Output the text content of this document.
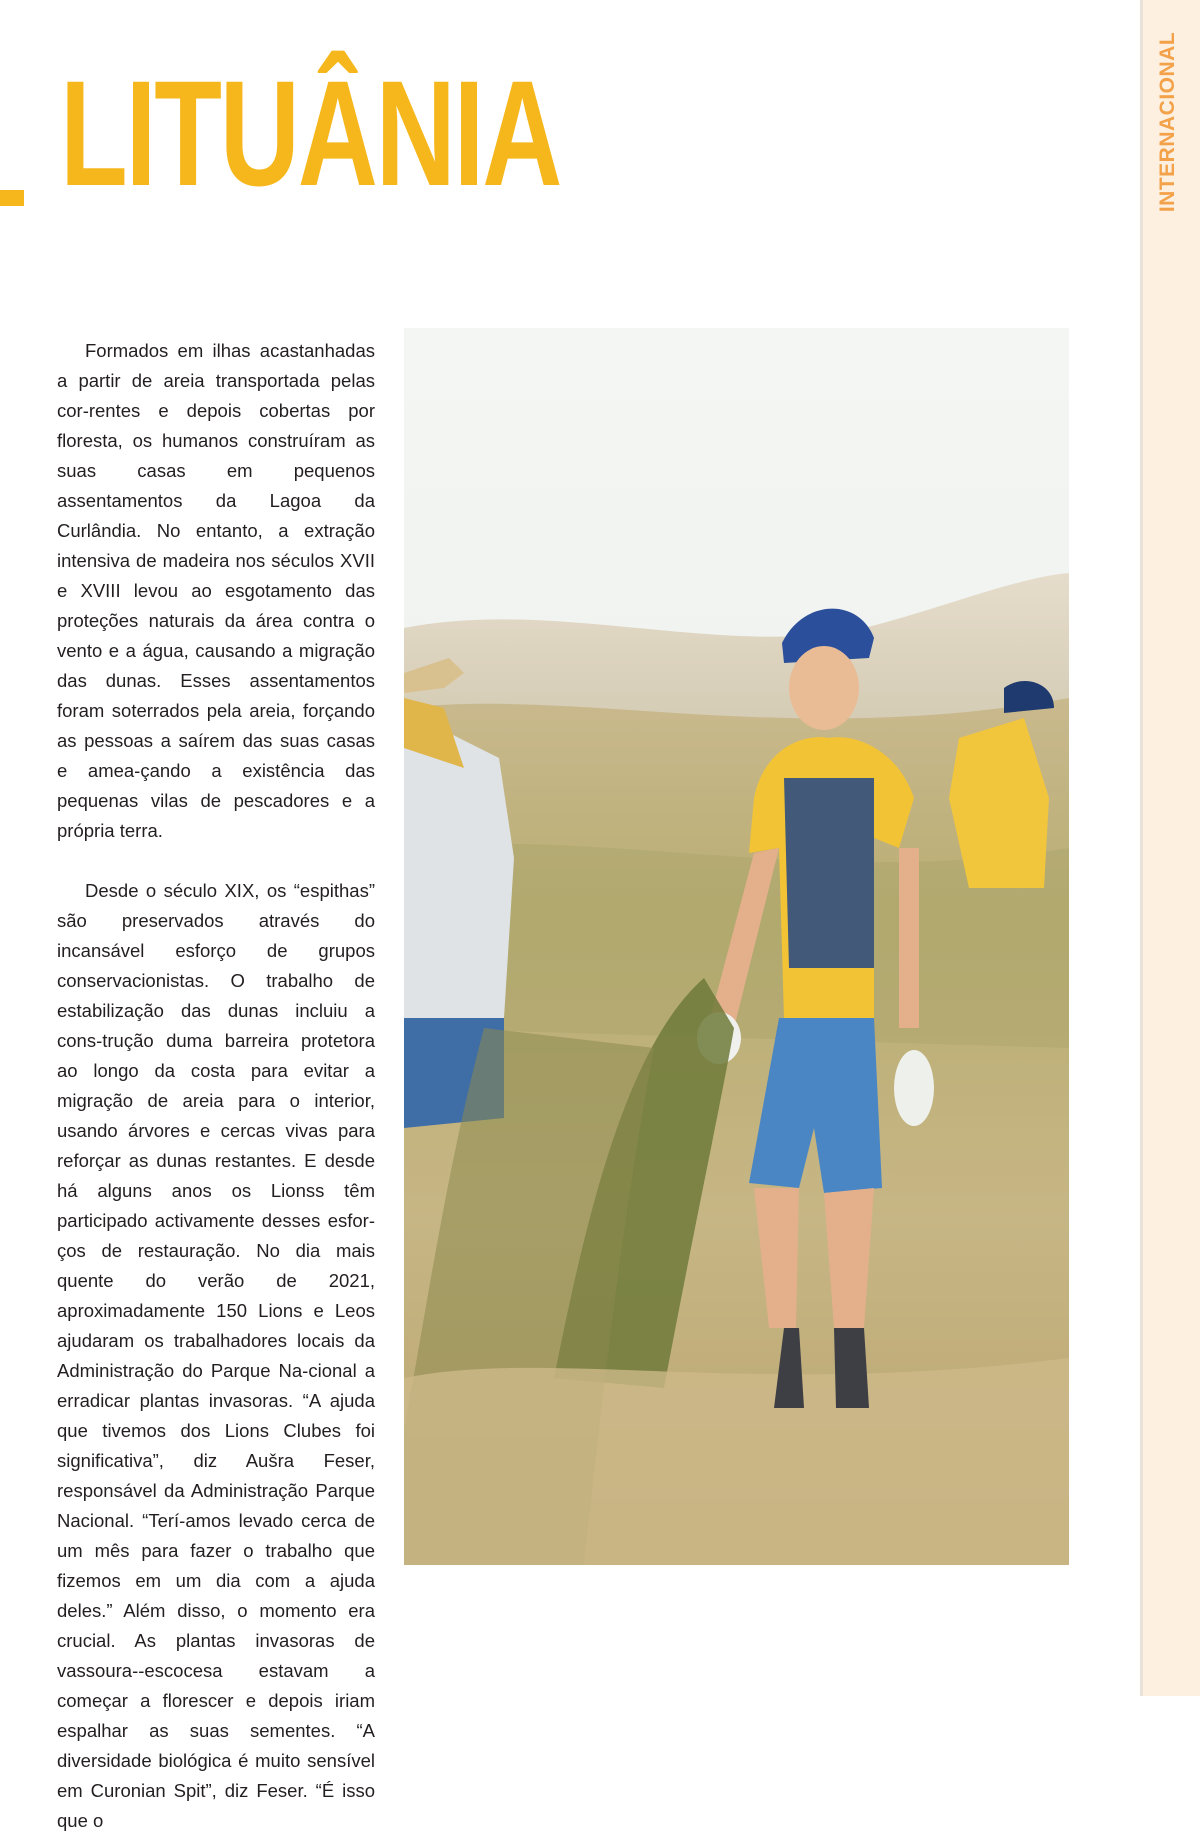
LITUÂNIA	INTERNACIONAL

Formados em ilhas acastanhadas a partir de areia transportada pelas cor-rentes e depois cobertas por floresta, os humanos construíram as suas casas em pequenos assentamentos da Lagoa da Curlândia. No entanto, a extração intensiva de madeira nos séculos XVII e XVIII levou ao esgotamento das proteções naturais da área contra o vento e a água, causando a migração das dunas. Esses assentamentos foram soterrados pela areia, forçando as pessoas a saírem das suas casas e amea-çando a existência das pequenas vilas de pescadores e a própria terra.

Desde o século XIX, os “espithas” são preservados através do incansável esforço de grupos conservacionistas. O trabalho de estabilização das dunas incluiu a cons-trução duma barreira protetora ao longo da costa para evitar a migração de areia para o interior, usando árvores e cercas vivas para reforçar as dunas restantes. E desde há alguns anos os Lionss têm participado activamente desses esfor-ços de restauração. No dia mais quente do verão de 2021, aproximadamente 150 Lions e Leos ajudaram os trabalhadores locais da Administração do Parque Na-cional a erradicar plantas invasoras. “A ajuda que tivemos dos Lions Clubes foi significativa”, diz Aušra Feser, responsável da Administração Parque Nacional. “Terí-amos levado cerca de um mês para fazer o trabalho que fizemos em um dia com a ajuda deles.” Além disso, o momento era crucial. As plantas invasoras de vassoura--escocesa estavam a começar a florescer e depois iriam espalhar as suas sementes. “A diversidade biológica é muito sensível em Curonian Spit”, diz Feser. “É isso que o
